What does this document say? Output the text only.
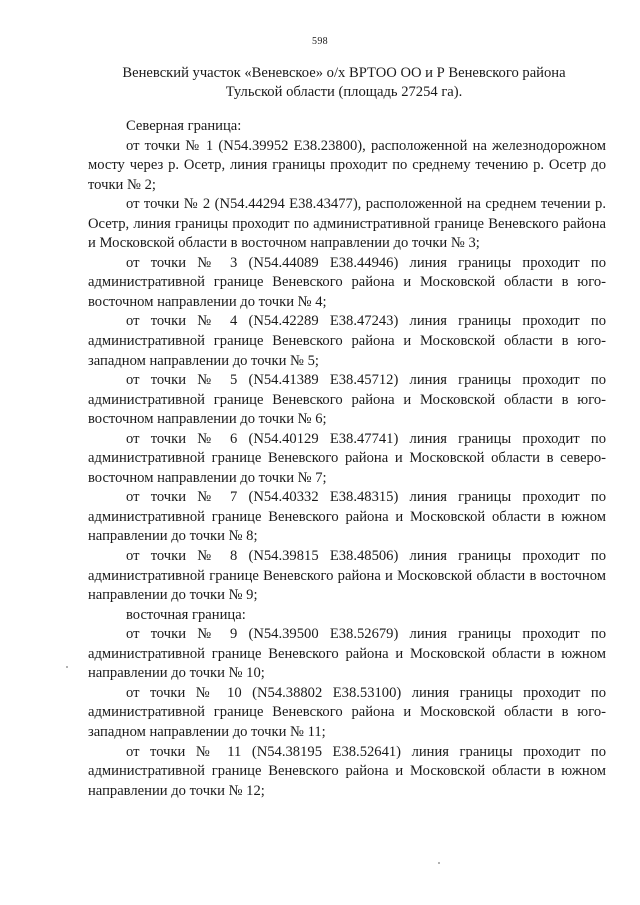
598
Веневский участок «Веневское» о/х ВРТОО ОО и Р Веневского района
Тульской области (площадь 27254 га).

Северная граница:

от точки № 1 (N54.39952 E38.23800), расположенной на железнодорожном мосту через р. Осетр, линия границы проходит по среднему течению р. Осетр до точки № 2;

от точки № 2 (N54.44294 E38.43477), расположенной на среднем течении р. Осетр, линия границы проходит по административной границе Веневского района и Московской области в восточном направлении до точки № 3;

от точки № 3 (N54.44089 E38.44946) линия границы проходит по административной границе Веневского района и Московской области в юго-восточном направлении до точки № 4;

от точки № 4 (N54.42289 E38.47243) линия границы проходит по административной границе Веневского района и Московской области в юго-западном направлении до точки № 5;

от точки № 5 (N54.41389 E38.45712) линия границы проходит по административной границе Веневского района и Московской области в юго-восточном направлении до точки № 6;

от точки № 6 (N54.40129 E38.47741) линия границы проходит по административной границе Веневского района и Московской области в северо-восточном направлении до точки № 7;

от точки № 7 (N54.40332 E38.48315) линия границы проходит по административной границе Веневского района и Московской области в южном направлении до точки № 8;

от точки № 8 (N54.39815 E38.48506) линия границы проходит по административной границе Веневского района и Московской области в восточном направлении до точки № 9;

восточная граница:

от точки № 9 (N54.39500 E38.52679) линия границы проходит по административной границе Веневского района и Московской области в южном направлении до точки № 10;

от точки № 10 (N54.38802 E38.53100) линия границы проходит по административной границе Веневского района и Московской области в юго-западном направлении до точки № 11;

от точки № 11 (N54.38195 E38.52641) линия границы проходит по административной границе Веневского района и Московской области в южном направлении до точки № 12;
